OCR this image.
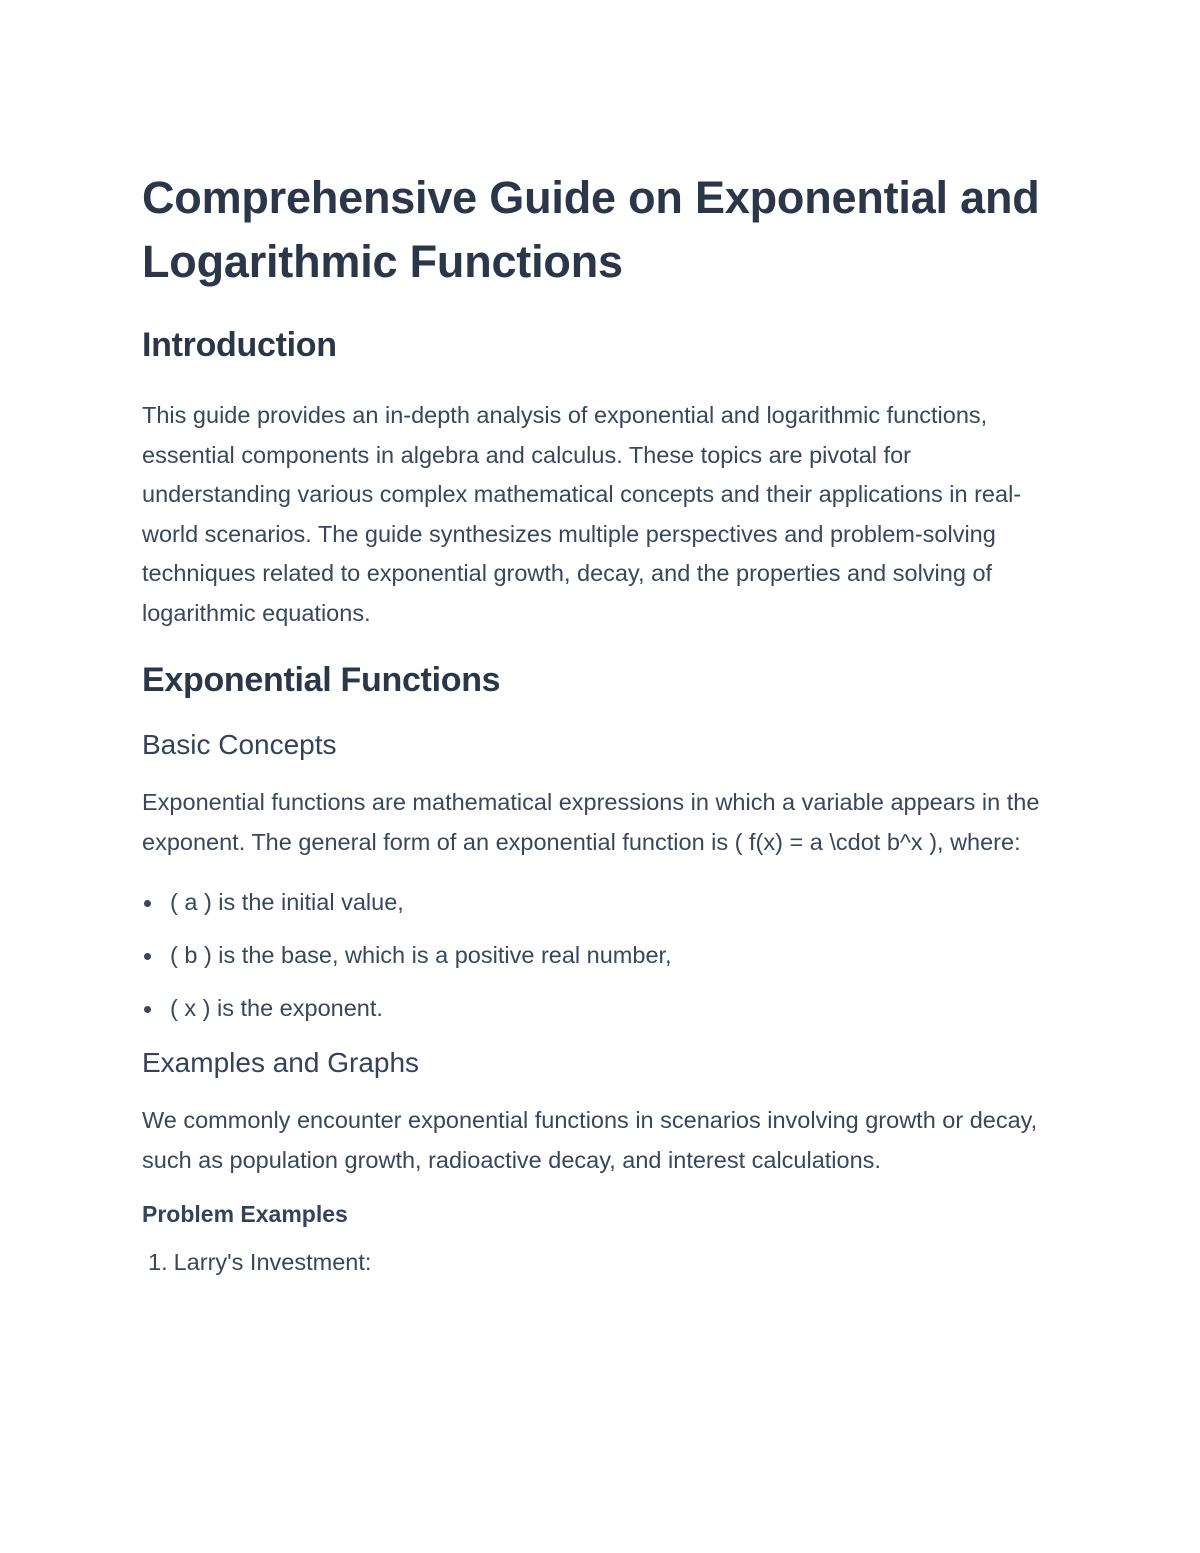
Comprehensive Guide on Exponential and Logarithmic Functions
Introduction

This guide provides an in-depth analysis of exponential and logarithmic functions, essential components in algebra and calculus. These topics are pivotal for understanding various complex mathematical concepts and their applications in real-world scenarios. The guide synthesizes multiple perspectives and problem-solving techniques related to exponential growth, decay, and the properties and solving of logarithmic equations.

Exponential Functions
Basic Concepts

Exponential functions are mathematical expressions in which a variable appears in the exponent. The general form of an exponential function is ( f(x) = a \cdot b^x ), where:

( a ) is the initial value,
( b ) is the base, which is a positive real number,
( x ) is the exponent.
Examples and Graphs

We commonly encounter exponential functions in scenarios involving growth or decay, such as population growth, radioactive decay, and interest calculations.

Problem Examples
1. Larry's Investment:
